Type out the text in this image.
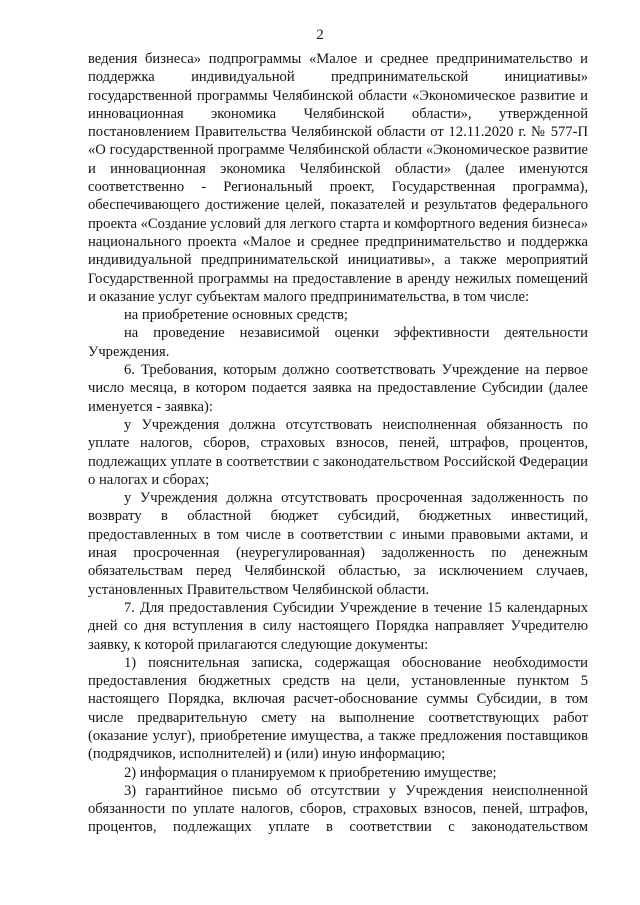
2

ведения бизнеса» подпрограммы «Малое и среднее предпринимательство и поддержка индивидуальной предпринимательской инициативы» государственной программы Челябинской области «Экономическое развитие и инновационная экономика Челябинской области», утвержденной постановлением Правительства Челябинской области от 12.11.2020 г. № 577-П «О государственной программе Челябинской области «Экономическое развитие и инновационная экономика Челябинской области» (далее именуются соответственно - Региональный проект, Государственная программа), обеспечивающего достижение целей, показателей и результатов федерального проекта «Создание условий для легкого старта и комфортного ведения бизнеса» национального проекта «Малое и среднее предпринимательство и поддержка индивидуальной предпринимательской инициативы», а также мероприятий Государственной программы на предоставление в аренду нежилых помещений и оказание услуг субъектам малого предпринимательства, в том числе:

на приобретение основных средств;

на проведение независимой оценки эффективности деятельности Учреждения.

6. Требования, которым должно соответствовать Учреждение на первое число месяца, в котором подается заявка на предоставление Субсидии (далее именуется - заявка):

у Учреждения должна отсутствовать неисполненная обязанность по уплате налогов, сборов, страховых взносов, пеней, штрафов, процентов, подлежащих уплате в соответствии с законодательством Российской Федерации о налогах и сборах;

у Учреждения должна отсутствовать просроченная задолженность по возврату в областной бюджет субсидий, бюджетных инвестиций, предоставленных в том числе в соответствии с иными правовыми актами, и иная просроченная (неурегулированная) задолженность по денежным обязательствам перед Челябинской областью, за исключением случаев, установленных Правительством Челябинской области.

7. Для предоставления Субсидии Учреждение в течение 15 календарных дней со дня вступления в силу настоящего Порядка направляет Учредителю заявку, к которой прилагаются следующие документы:

1) пояснительная записка, содержащая обоснование необходимости предоставления бюджетных средств на цели, установленные пунктом 5 настоящего Порядка, включая расчет-обоснование суммы Субсидии, в том числе предварительную смету на выполнение соответствующих работ (оказание услуг), приобретение имущества, а также предложения поставщиков (подрядчиков, исполнителей) и (или) иную информацию;

2) информация о планируемом к приобретению имуществе;

3) гарантийное письмо об отсутствии у Учреждения неисполненной обязанности по уплате налогов, сборов, страховых взносов, пеней, штрафов, процентов, подлежащих уплате в соответствии с законодательством
